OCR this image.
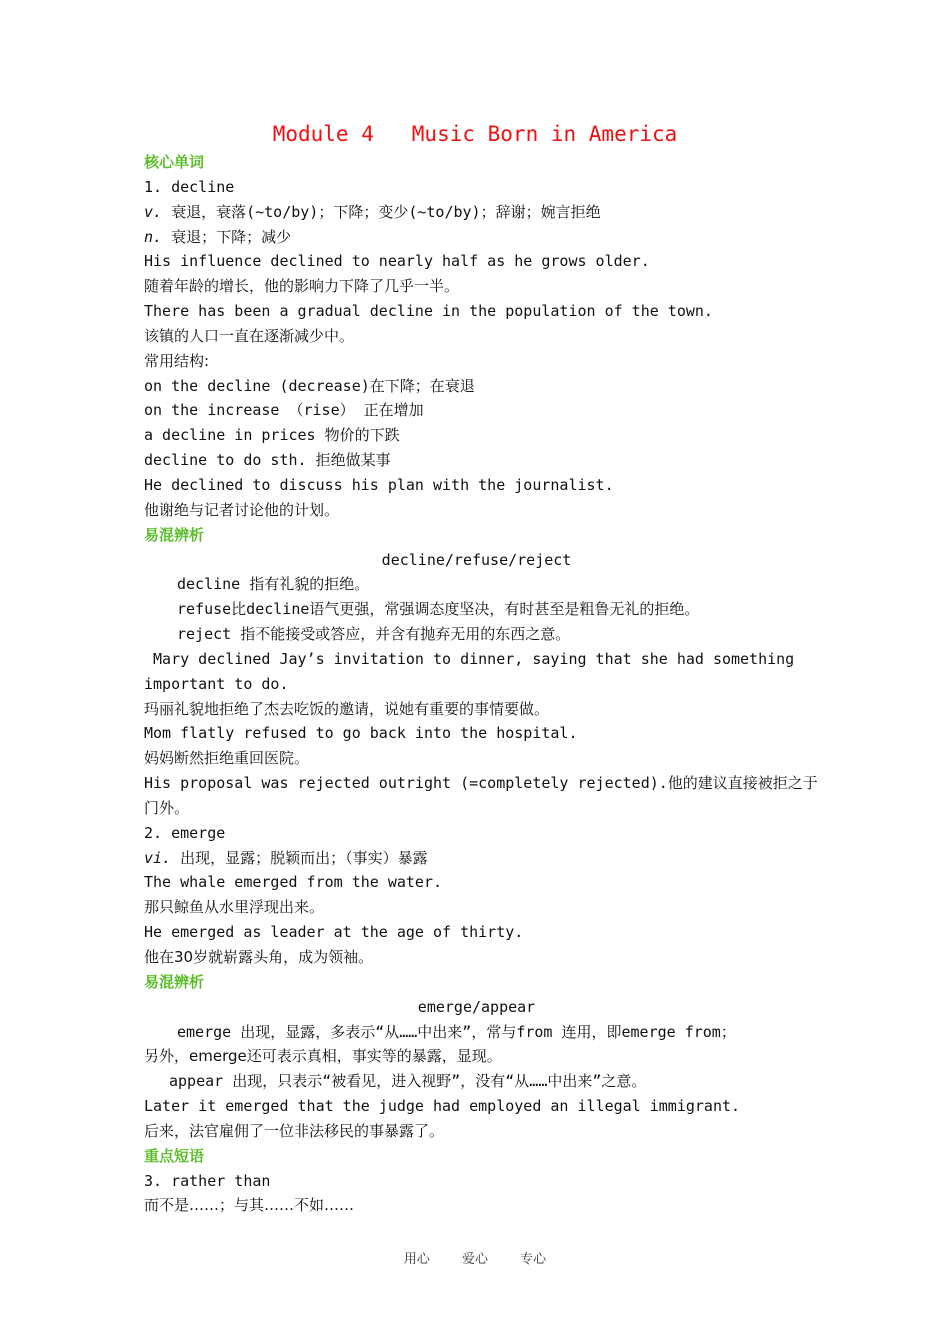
Module 4   Music Born in America
核心单词
1. decline
v. 衰退，衰落(~to/by)；下降；变少(~to/by)；辞谢；婉言拒绝
n. 衰退；下降；减少
His influence declined to nearly half as he grows older.
随着年龄的增长，他的影响力下降了几乎一半。
There has been a gradual decline in the population of the town.
该镇的人口一直在逐渐减少中。
常用结构:
on the decline (decrease)在下降；在衰退
on the increase （rise） 正在增加
a decline in prices 物价的下跌
decline to do sth. 拒绝做某事
He declined to discuss his plan with the journalist.
他谢绝与记者讨论他的计划。
易混辨析
decline/refuse/reject
decline 指有礼貌的拒绝。
refuse比decline语气更强，常强调态度坚决，有时甚至是粗鲁无礼的拒绝。
reject 指不能接受或答应，并含有抛弃无用的东西之意。
Mary declined Jay’s invitation to dinner, saying that she had something
important to do.
玛丽礼貌地拒绝了杰去吃饭的邀请，说她有重要的事情要做。
Mom flatly refused to go back into the hospital.
妈妈断然拒绝重回医院。
His proposal was rejected outright (=completely rejected).他的建议直接被拒之于
门外。
2. emerge
vi. 出现，显露；脱颖而出；（事实）暴露
The whale emerged from the water.
那只鲸鱼从水里浮现出来。
He emerged as leader at the age of thirty.
他在30岁就崭露头角，成为领袖。
易混辨析
emerge/appear
emerge 出现，显露，多表示“从……中出来”，常与from 连用，即emerge from；
另外，emerge还可表示真相，事实等的暴露，显现。
appear 出现，只表示“被看见，进入视野”，没有“从……中出来”之意。
Later it emerged that the judge had employed an illegal immigrant.
后来，法官雇佣了一位非法移民的事暴露了。
重点短语
3. rather than
而不是……；与其……不如……
用心 爱心 专心
